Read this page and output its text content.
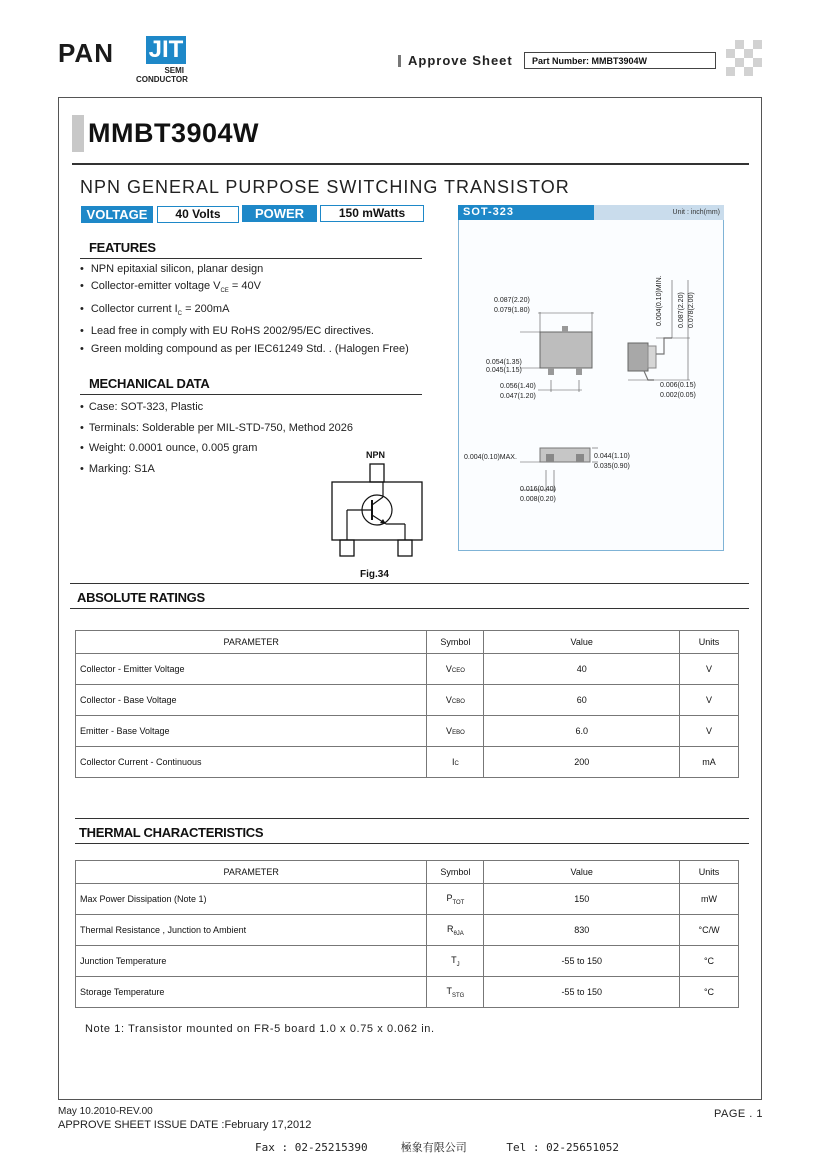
PAN JIT
SEMI
CONDUCTOR
Approve Sheet	Part Number: MMBT3904W
MMBT3904W
NPN GENERAL PURPOSE SWITCHING TRANSISTOR
VOLTAGE	40 Volts	POWER	150 mWatts
FEATURES
• NPN epitaxial silicon, planar design
• Collector-emitter voltage $V_{CE} = 40V$
• Collector current $I_C = 200mA$
• Lead free in comply with EU RoHS 2002/95/EC directives.
• Green molding compound as per IEC61249 Std. . (Halogen Free)
MECHANICAL DATA
• Case: SOT-323, Plastic
• Terminals: Solderable per MIL-STD-750, Method 2026
• Weight: 0.0001 ounce, 0.005 gram
• Marking: S1A
NPN
Fig.34
SOT-323	Unit : inch(mm)
0.087(2.20)
0.079(1.80)
0.054(1.35)
0.045(1.15)
0.056(1.40)
0.047(1.20)
0.004(0.10)MIN. 0.087(2.20) 0.078(2.00)
0.006(0.15)
0.002(0.05)
0.004(0.10)MAX.	0.044(1.10)
0.035(0.90)
0.016(0.40)
0.008(0.20)
ABSOLUTE RATINGS
PARAMETER	Symbol	Value	Units
Collector - Emitter Voltage	VCEO	40	V
Collector - Base Voltage	VCBO	60	V
Emitter - Base Voltage	VEBO	6.0	V
Collector Current - Continuous	IC	200	mA
THERMAL CHARACTERISTICS
PARAMETER	Symbol	Value	Units
Max Power Dissipation (Note 1)	$P_{TOT}$	150	mW
Thermal Resistance , Junction to Ambient	$R_{\theta JA}$	830	°C/W
Junction Temperature	$T_J$	-55 to 150	°C
Storage Temperature	$T_{STG}$	-55 to 150	°C
Note 1: Transistor mounted on FR-5 board 1.0 x 0.75 x 0.062 in.
May 10.2010-REV.00
APPROVE SHEET ISSUE DATE :February 17,2012
PAGE . 1
Fax : 02-25215390     極象有限公司      Tel : 02-25651052
